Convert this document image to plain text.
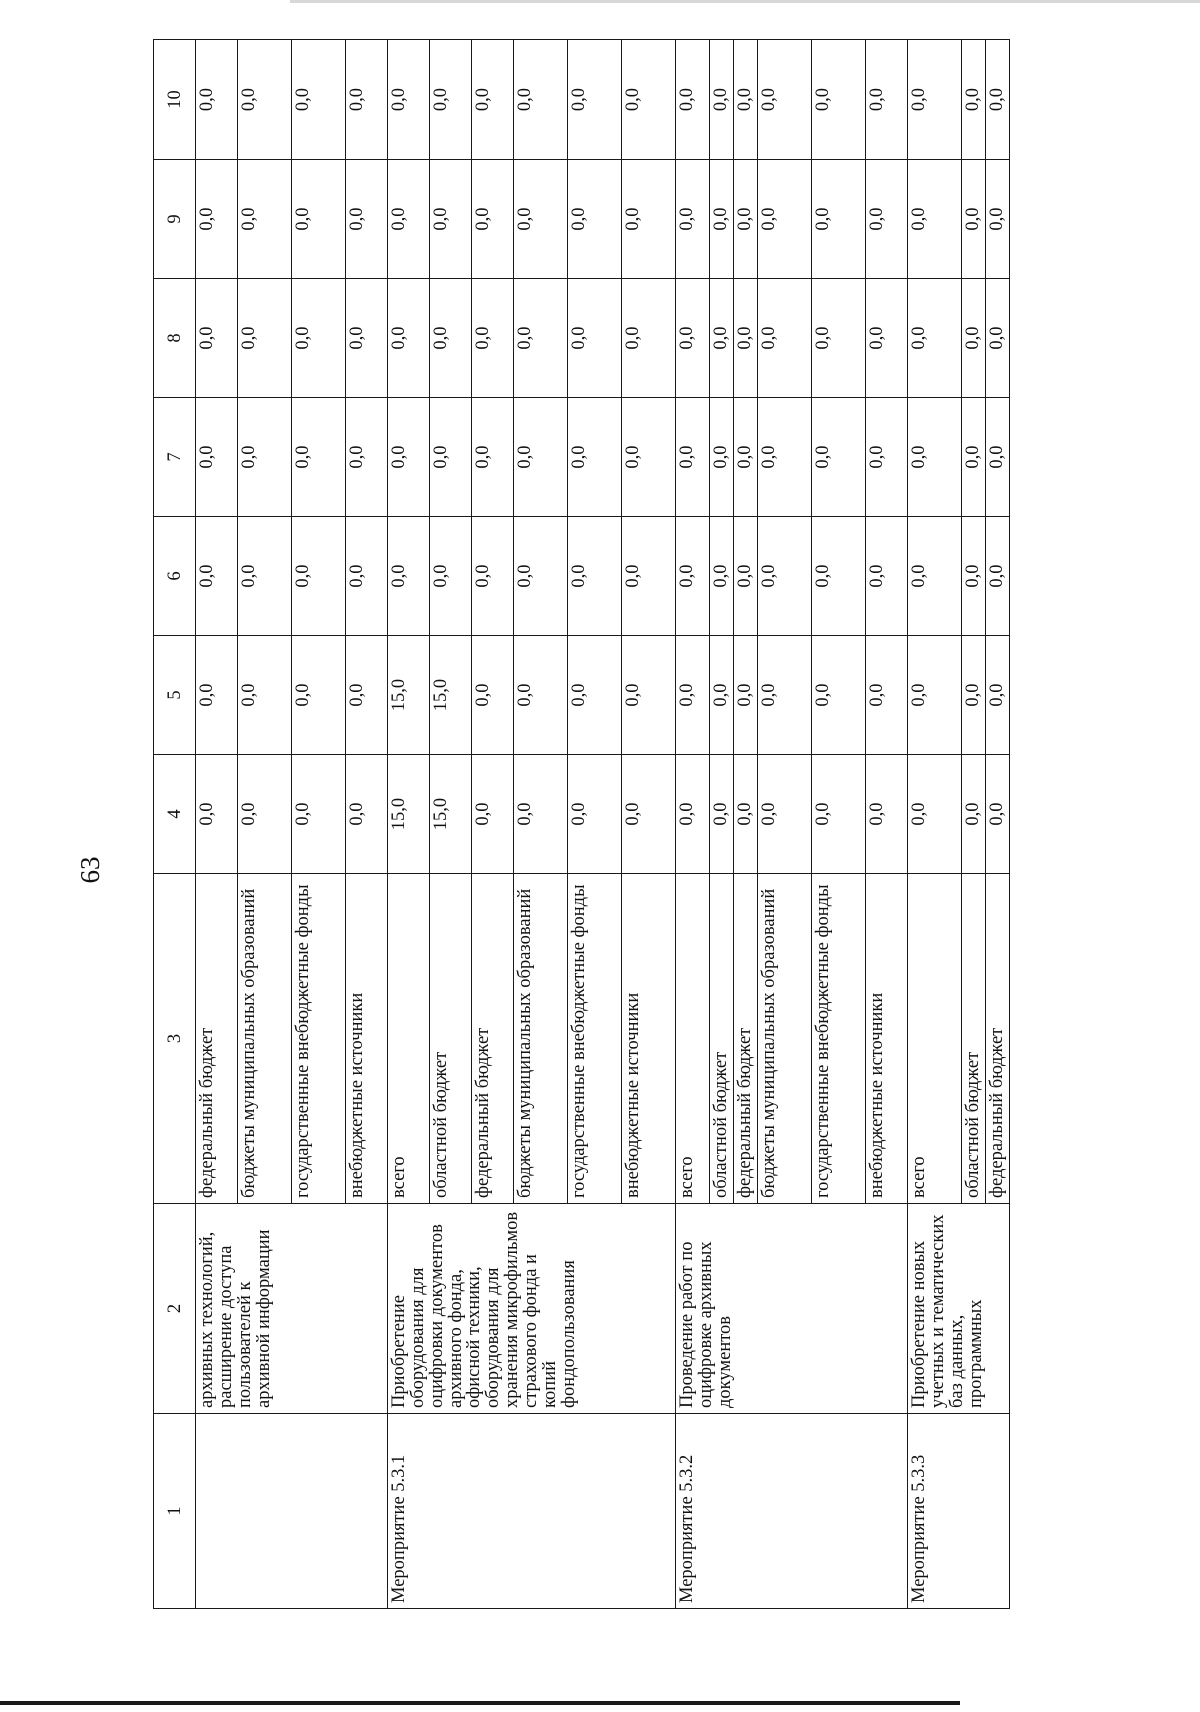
63
1	2	3	4	5	6	7	8	9	10
	архивных технологий, расширение доступа пользователей к архивной информации	федеральный бюджет	0,0	0,0	0,0	0,0	0,0	0,0	0,0
		бюджеты муниципальных образований	0,0	0,0	0,0	0,0	0,0	0,0	0,0
		государственные внебюджетные фонды	0,0	0,0	0,0	0,0	0,0	0,0	0,0
		внебюджетные источники	0,0	0,0	0,0	0,0	0,0	0,0	0,0
Мероприятие 5.3.1	Приобретение оборудования для оцифровки документов архивного фонда, офисной техники, оборудования для хранения микрофильмов страхового фонда и копий фондопользования	всего	15,0	15,0	0,0	0,0	0,0	0,0	0,0
		областной бюджет	15,0	15,0	0,0	0,0	0,0	0,0	0,0
		федеральный бюджет	0,0	0,0	0,0	0,0	0,0	0,0	0,0
		бюджеты муниципальных образований	0,0	0,0	0,0	0,0	0,0	0,0	0,0
		государственные внебюджетные фонды	0,0	0,0	0,0	0,0	0,0	0,0	0,0
		внебюджетные источники	0,0	0,0	0,0	0,0	0,0	0,0	0,0
Мероприятие 5.3.2	Проведение работ по оцифровке архивных документов	всего	0,0	0,0	0,0	0,0	0,0	0,0	0,0
		областной бюджет	0,0	0,0	0,0	0,0	0,0	0,0	0,0
		федеральный бюджет	0,0	0,0	0,0	0,0	0,0	0,0	0,0
		бюджеты муниципальных образований	0,0	0,0	0,0	0,0	0,0	0,0	0,0
		государственные внебюджетные фонды	0,0	0,0	0,0	0,0	0,0	0,0	0,0
		внебюджетные источники	0,0	0,0	0,0	0,0	0,0	0,0	0,0
Мероприятие 5.3.3	Приобретение новых учетных и тематических баз данных, программных	всего	0,0	0,0	0,0	0,0	0,0	0,0	0,0
		областной бюджет	0,0	0,0	0,0	0,0	0,0	0,0	0,0
		федеральный бюджет	0,0	0,0	0,0	0,0	0,0	0,0	0,0
